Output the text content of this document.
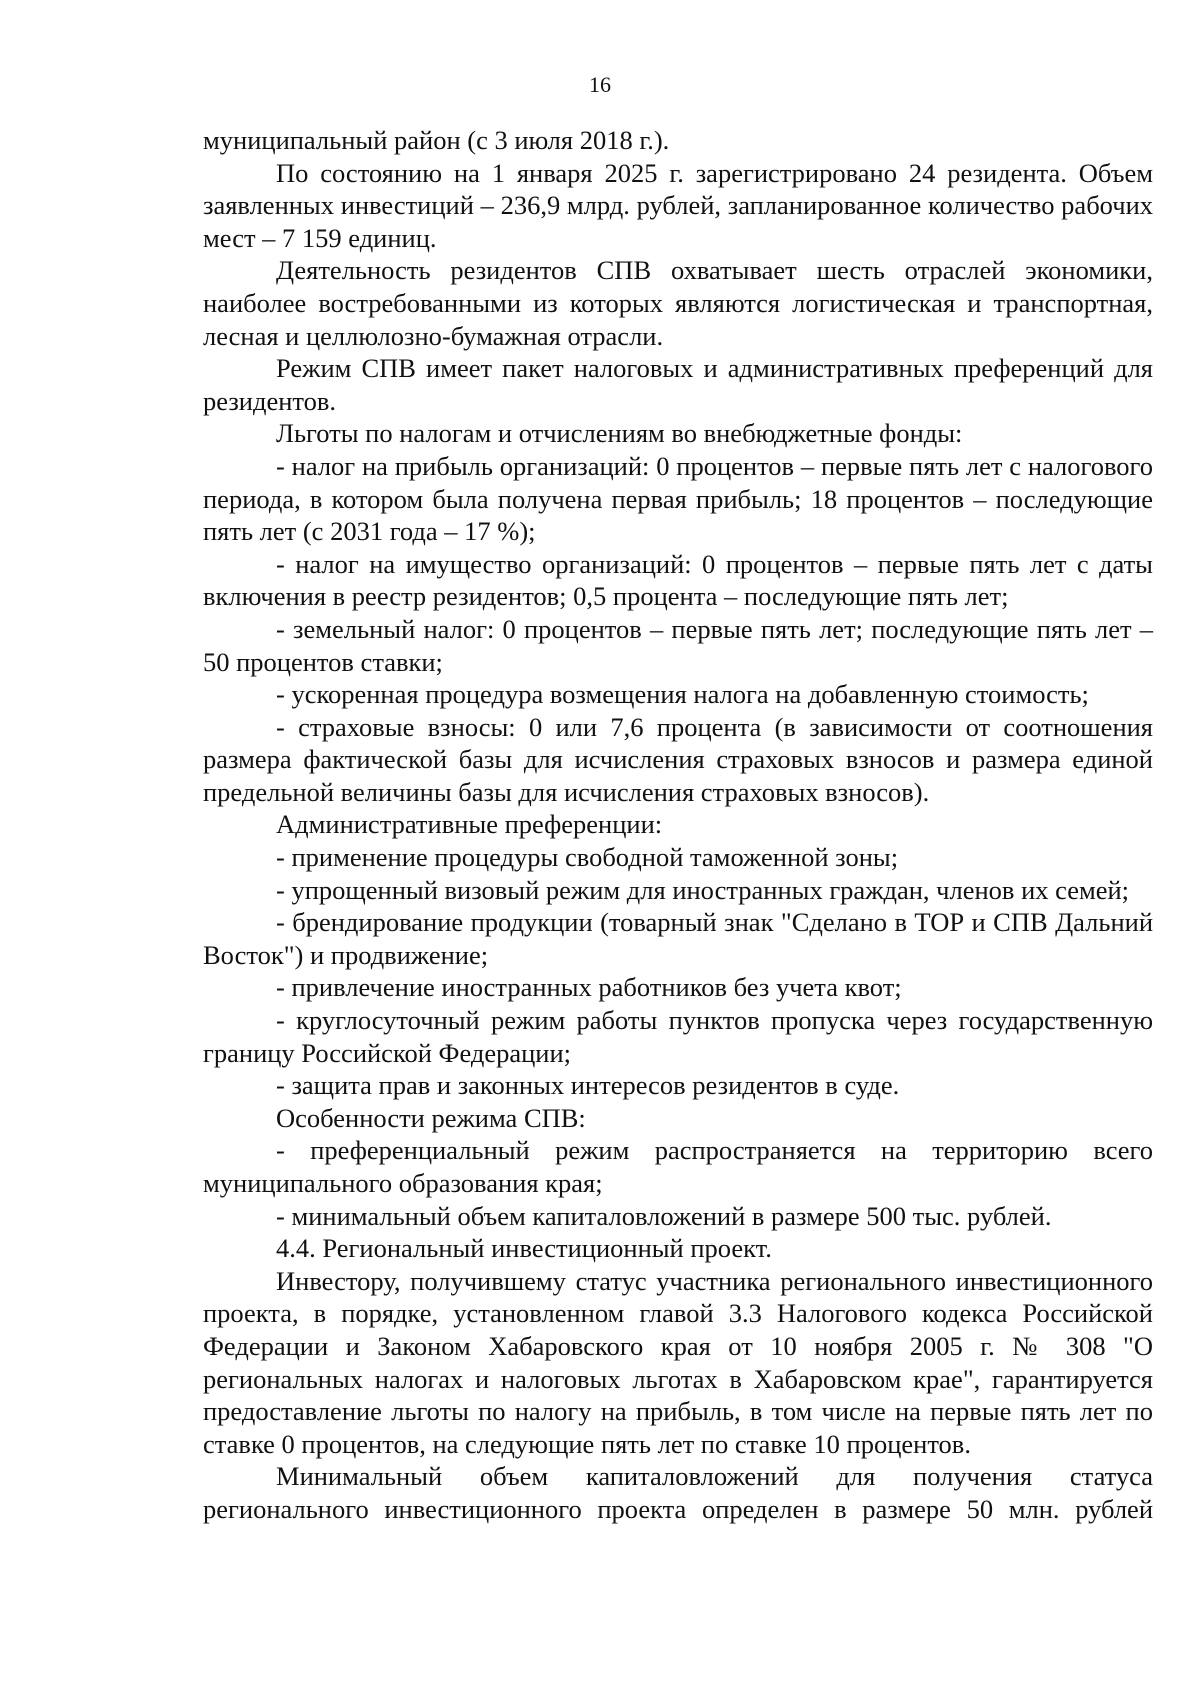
16

муниципальный район (с 3 июля 2018 г.).

По состоянию на 1 января 2025 г. зарегистрировано 24 резидента. Объем заявленных инвестиций – 236,9 млрд. рублей, запланированное количество рабочих мест – 7 159 единиц.

Деятельность резидентов СПВ охватывает шесть отраслей экономики, наиболее востребованными из которых являются логистическая и транспортная, лесная и целлюлозно-бумажная отрасли.

Режим СПВ имеет пакет налоговых и административных преференций для резидентов.

Льготы по налогам и отчислениям во внебюджетные фонды:

- налог на прибыль организаций: 0 процентов – первые пять лет с налогового периода, в котором была получена первая прибыль; 18 процентов – последующие пять лет (с 2031 года – 17 %);

- налог на имущество организаций: 0 процентов – первые пять лет с даты включения в реестр резидентов; 0,5 процента – последующие пять лет;

- земельный налог: 0 процентов – первые пять лет; последующие пять лет – 50 процентов ставки;

- ускоренная процедура возмещения налога на добавленную стоимость;

- страховые взносы: 0 или 7,6 процента (в зависимости от соотношения размера фактической базы для исчисления страховых взносов и размера единой предельной величины базы для исчисления страховых взносов).

Административные преференции:

- применение процедуры свободной таможенной зоны;

- упрощенный визовый режим для иностранных граждан, членов их семей;

- брендирование продукции (товарный знак "Сделано в ТОР и СПВ Дальний Восток") и продвижение;

- привлечение иностранных работников без учета квот;

- круглосуточный режим работы пунктов пропуска через государственную границу Российской Федерации;

- защита прав и законных интересов резидентов в суде.

Особенности режима СПВ:

- преференциальный режим распространяется на территорию всего муниципального образования края;

- минимальный объем капиталовложений в размере 500 тыс. рублей.

4.4. Региональный инвестиционный проект.

Инвестору, получившему статус участника регионального инвестиционного проекта, в порядке, установленном главой 3.3 Налогового кодекса Российской Федерации и Законом Хабаровского края от 10 ноября 2005 г. № 308 "О региональных налогах и налоговых льготах в Хабаровском крае", гарантируется предоставление льготы по налогу на прибыль, в том числе на первые пять лет по ставке 0 процентов, на следующие пять лет по ставке 10 процентов.

Минимальный объем капиталовложений для получения статуса регионального инвестиционного проекта определен в размере 50 млн. рублей
